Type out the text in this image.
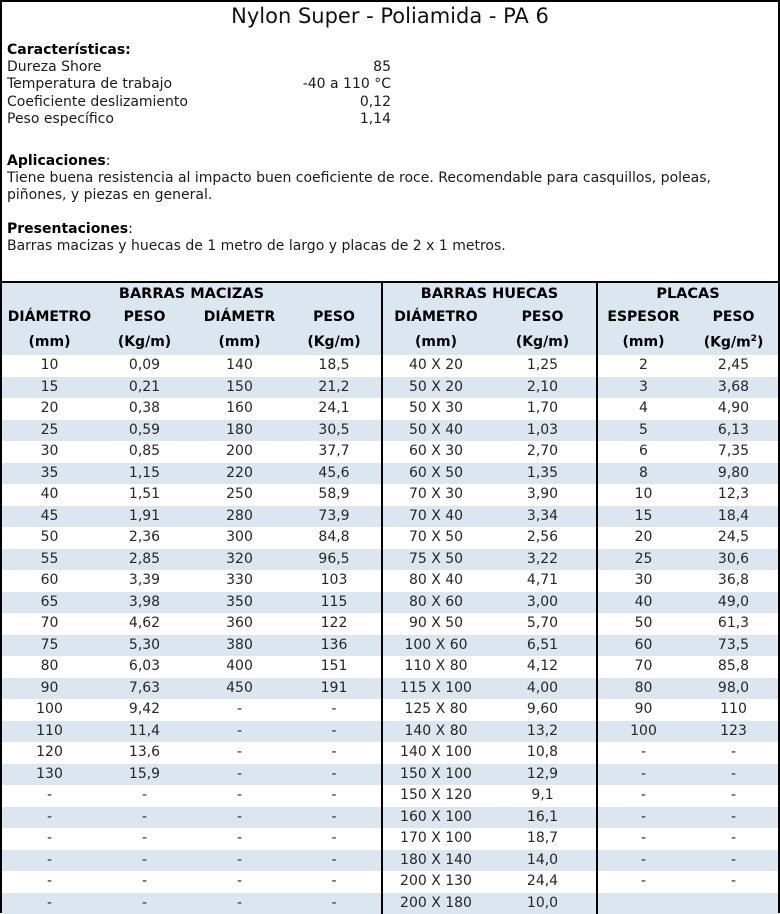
Nylon Super - Poliamida - PA 6
Características:
Dureza Shore	85
Temperatura de trabajo	-40 a 110 °C
Coeficiente deslizamiento	0,12
Peso específico	1,14
Aplicaciones:
Tiene buena resistencia al impacto buen coeficiente de roce. Recomendable para casquillos, poleas,
piñones, y piezas en general.
Presentaciones:
Barras macizas y huecas de 1 metro de largo y placas de 2 x 1 metros.
BARRAS MACIZAS				BARRAS HUECAS		PLACAS	
DIÁMETRO	PESO	DIÁMETR	PESO	DIÁMETRO	PESO	ESPESOR	PESO
(mm)	(Kg/m)	(mm)	(Kg/m)	(mm)	(Kg/m)	(mm)	$(Kg/m^2)$
10	0,09	140	18,5	40 X 20	1,25	2	2,45
15	0,21	150	21,2	50 X 20	2,10	3	3,68
20	0,38	160	24,1	50 X 30	1,70	4	4,90
25	0,59	180	30,5	50 X 40	1,03	5	6,13
30	0,85	200	37,7	60 X 30	2,70	6	7,35
35	1,15	220	45,6	60 X 50	1,35	8	9,80
40	1,51	250	58,9	70 X 30	3,90	10	12,3
45	1,91	280	73,9	70 X 40	3,34	15	18,4
50	2,36	300	84,8	70 X 50	2,56	20	24,5
55	2,85	320	96,5	75 X 50	3,22	25	30,6
60	3,39	330	103	80 X 40	4,71	30	36,8
65	3,98	350	115	80 X 60	3,00	40	49,0
70	4,62	360	122	90 X 50	5,70	50	61,3
75	5,30	380	136	100 X 60	6,51	60	73,5
80	6,03	400	151	110 X 80	4,12	70	85,8
90	7,63	450	191	115 X 100	4,00	80	98,0
100	9,42	-	-	125 X 80	9,60	90	110
110	11,4	-	-	140 X 80	13,2	100	123
120	13,6	-	-	140 X 100	10,8	-	-
130	15,9	-	-	150 X 100	12,9	-	-
-	-	-	-	150 X 120	9,1	-	-
-	-	-	-	160 X 100	16,1	-	-
-	-	-	-	170 X 100	18,7	-	-
-	-	-	-	180 X 140	14,0	-	-
-	-	-	-	200 X 130	24,4	-	-
-	-	-	-	200 X 180	10,0		
